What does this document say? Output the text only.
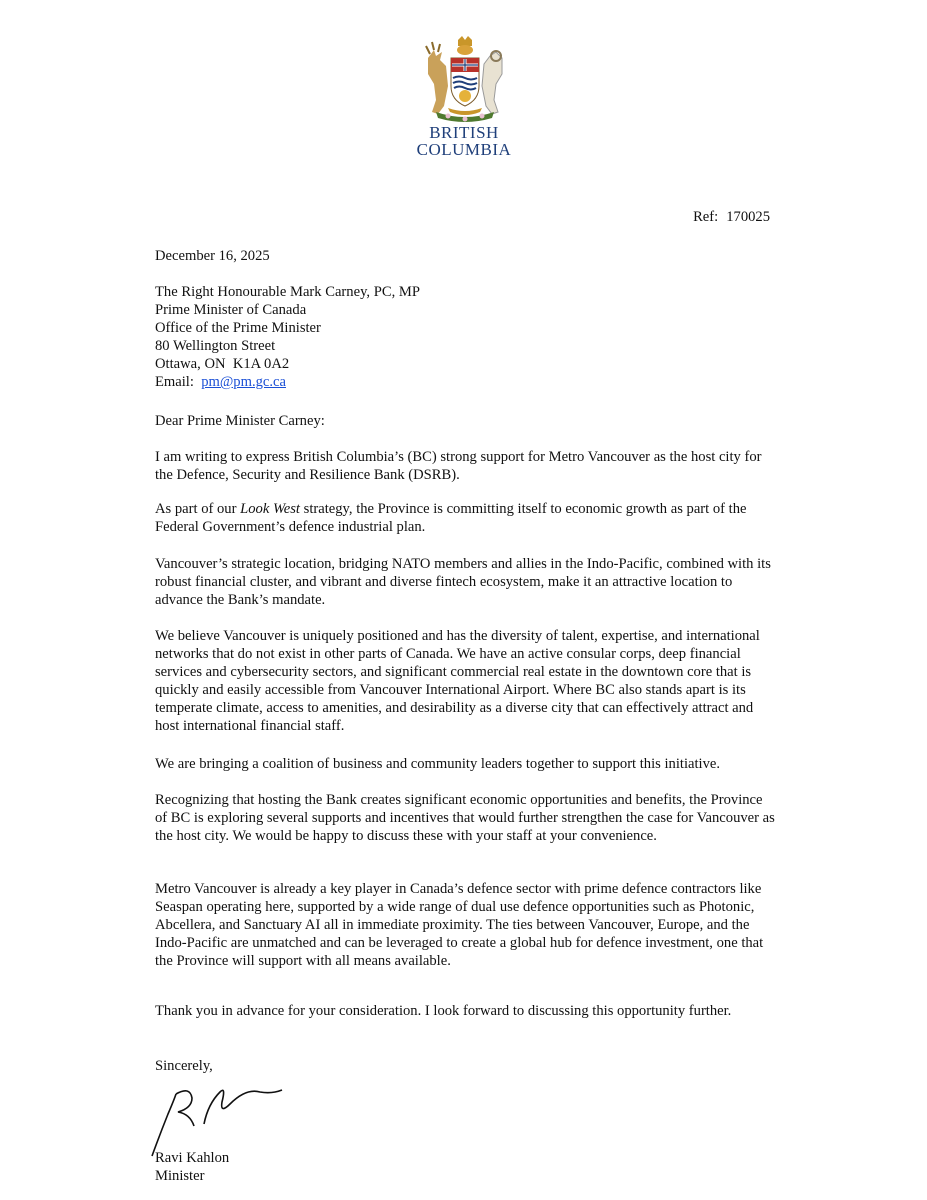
BRITISH
COLUMBIA
Ref: 170025
December 16, 2025
The Right Honourable Mark Carney, PC, MP
Prime Minister of Canada
Office of the Prime Minister
80 Wellington Street
Ottawa, ON  K1A 0A2
Email: pm@pm.gc.ca
Dear Prime Minister Carney:

I am writing to express British Columbia’s (BC) strong support for Metro Vancouver as the host city for the Defence, Security and Resilience Bank (DSRB).

As part of our Look West strategy, the Province is committing itself to economic growth as part of the Federal Government’s defence industrial plan.

Vancouver’s strategic location, bridging NATO members and allies in the Indo-Pacific, combined with its robust financial cluster, and vibrant and diverse fintech ecosystem, make it an attractive location to advance the Bank’s mandate.

We believe Vancouver is uniquely positioned and has the diversity of talent, expertise, and international networks that do not exist in other parts of Canada. We have an active consular corps, deep financial services and cybersecurity sectors, and significant commercial real estate in the downtown core that is quickly and easily accessible from Vancouver International Airport. Where BC also stands apart is its temperate climate, access to amenities, and desirability as a diverse city that can effectively attract and host international financial staff.

We are bringing a coalition of business and community leaders together to support this initiative.

Recognizing that hosting the Bank creates significant economic opportunities and benefits, the Province of BC is exploring several supports and incentives that would further strengthen the case for Vancouver as the host city. We would be happy to discuss these with your staff at your convenience.

Metro Vancouver is already a key player in Canada’s defence sector with prime defence contractors like Seaspan operating here, supported by a wide range of dual use defence opportunities such as Photonic, Abcellera, and Sanctuary AI all in immediate proximity. The ties between Vancouver, Europe, and the Indo-Pacific are unmatched and can be leveraged to create a global hub for defence investment, one that the Province will support with all means available.

Thank you in advance for your consideration. I look forward to discussing this opportunity further.

Sincerely,
Ravi Kahlon
Minister
